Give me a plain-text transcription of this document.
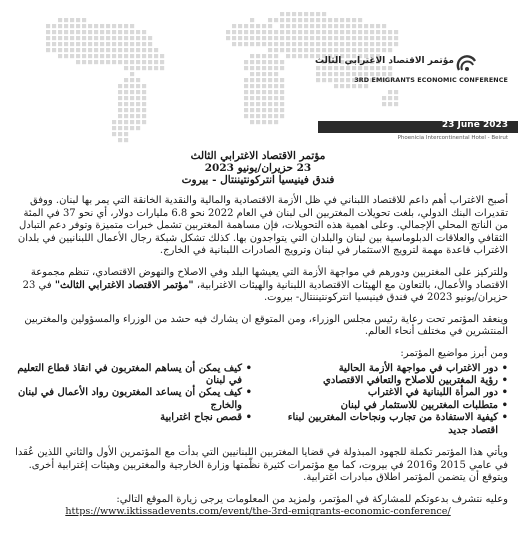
مؤتمر الاقتصاد الاغترابي الثالث
3RD EMIGRANTS ECONOMIC CONFERENCE
23 June 2023
Phoenicia Intercontinental Hotel - Beirut
مؤتمر الاقتصاد الاغترابي الثالث
23 حزيران/يونيو 2023
فندق فينيسيا انتركونتيننتال - بيروت

أصبح الاغتراب أهم داعم للاقتصاد اللبناني في ظل الأزمة الاقتصادية والمالية والنقدية الخانقة التي يمر بها لبنان. ووفق تقديرات البنك الدولي، بلغت تحويلات المغتربين الى لبنان في العام 2022 نحو 6.8 مليارات دولار، أي نحو 37 في المئة من الناتج المحلي الإجمالي. وعلى اهمية هذه التحويلات، فإن مساهمة المغتربين تشمل خبرات متميزة وتوفر دعم التبادل الثقافي والعلاقات الدبلوماسية بين لبنان والبلدان التي يتواجدون بها. كذلك تشكل شبكة رجال الأعمال اللبنانيين في بلدان الاغتراب قاعدة مهمة لترويج الاستثمار في لبنان وترويج الصادرات اللبنانية في الخارج.

وللتركيز على المغتربين ودورهم في مواجهة الأزمة التي يعيشها البلد وفي الاصلاح والنهوض الاقتصادي، تنظم مجموعة الاقتصاد والأعمال، بالتعاون مع الهيئات الاقتصادية اللبنانية والهيئات الاغترابية، "مؤتمر الاقتصاد الاغترابي الثالث" في 23 حزيران/يونيو 2023 في فندق فينيسيا انتركونتيننتال- بيروت.

وينعقد المؤتمر تحت رعاية رئيس مجلس الوزراء، ومن المتوقع ان يشارك فيه حشد من الوزراء والمسؤولين والمغتربين المنتشرين في مختلف أنحاء العالم.

ومن أبرز مواضيع المؤتمر:

• دور الاغتراب في مواجهة الأزمة الحالية
• رؤية المغتربين للاصلاح والتعافي الاقتصادي
• دور المرأة اللبنانية في الاغتراب
• متطلبات المغتربين للاستثمار في لبنان
• كيفية الاستفادة من تجارب ونجاحات المغتربين لبناء اقتصاد جديد
• كيف يمكن أن يساهم المغتربون في انقاذ قطاع التعليم في لبنان
• كيف يمكن أن يساعد المغتربون رواد الأعمال في لبنان والخارج
• قصص نجاح اغترابية

ويأتي هذا المؤتمر تكملة للجهود المبذولة في قضايا المغتربين اللبنانيين التي بدأت مع المؤتمرين الأول والثاني اللذين عُقدا في عامي 2015 و2016 في بيروت، كما مع مؤتمرات كثيرة نظّمتها وزارة الخارجية والمغتربين وهيئات إغترابية أخرى. ويتوقع أن يتضمن المؤتمر اطلاق مبادرات اغترابية.

وعليه نتشرف بدعوتكم للمشاركة في المؤتمر، ولمزيد من المعلومات يرجى زيارة الموقع التالي:

https://www.iktissadevents.com/event/the-3rd-emigrants-economic-conference/
